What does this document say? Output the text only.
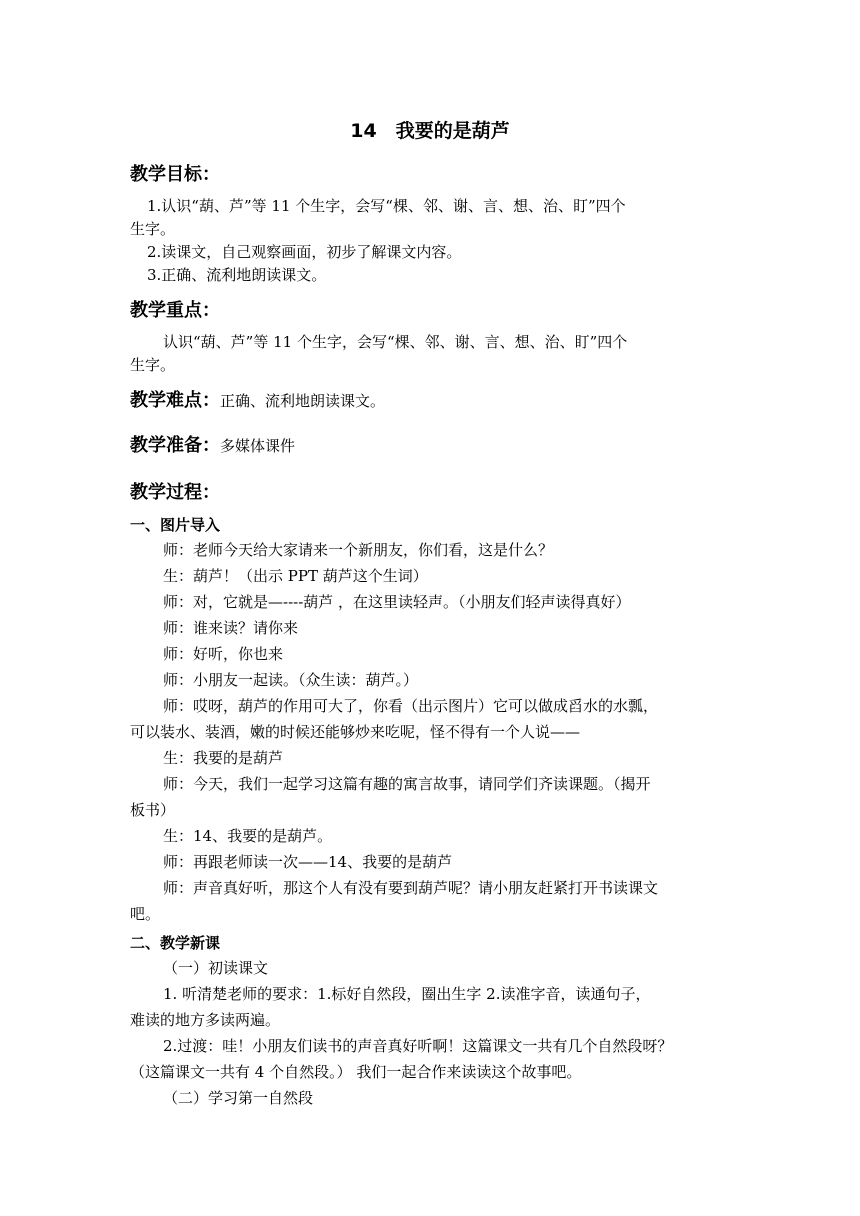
14　我要的是葫芦
教学目标：
1.认识“葫、芦”等 11 个生字，会写“棵、邻、谢、言、想、治、盯”四个
生字。
2.读课文，自己观察画面，初步了解课文内容。
3.正确、流利地朗读课文。
教学重点：
认识“葫、芦”等 11 个生字，会写“棵、邻、谢、言、想、治、盯”四个
生字。
教学难点：正确、流利地朗读课文。
教学准备：多媒体课件
教学过程：
一、图片导入
师：老师今天给大家请来一个新朋友，你们看，这是什么？
生：葫芦！（出示 PPT 葫芦这个生词）
师：对，它就是—----葫芦 ，在这里读轻声。（小朋友们轻声读得真好）
师：谁来读？请你来
师：好听，你也来
师：小朋友一起读。（众生读：葫芦。）
师：哎呀，葫芦的作用可大了，你看（出示图片）它可以做成舀水的水瓢，
可以装水、装酒，嫩的时候还能够炒来吃呢，怪不得有一个人说——
生：我要的是葫芦
师：今天，我们一起学习这篇有趣的寓言故事，请同学们齐读课题。（揭开
板书）
生：14、我要的是葫芦。
师：再跟老师读一次——14、我要的是葫芦
师：声音真好听，那这个人有没有要到葫芦呢？请小朋友赶紧打开书读课文
吧。
二、教学新课
（一）初读课文
1. 听清楚老师的要求：1.标好自然段，圈出生字 2.读准字音，读通句子，
难读的地方多读两遍。
2.过渡：哇！小朋友们读书的声音真好听啊！这篇课文一共有几个自然段呀？
（这篇课文一共有 4 个自然段。） 我们一起合作来读读这个故事吧。
（二）学习第一自然段
